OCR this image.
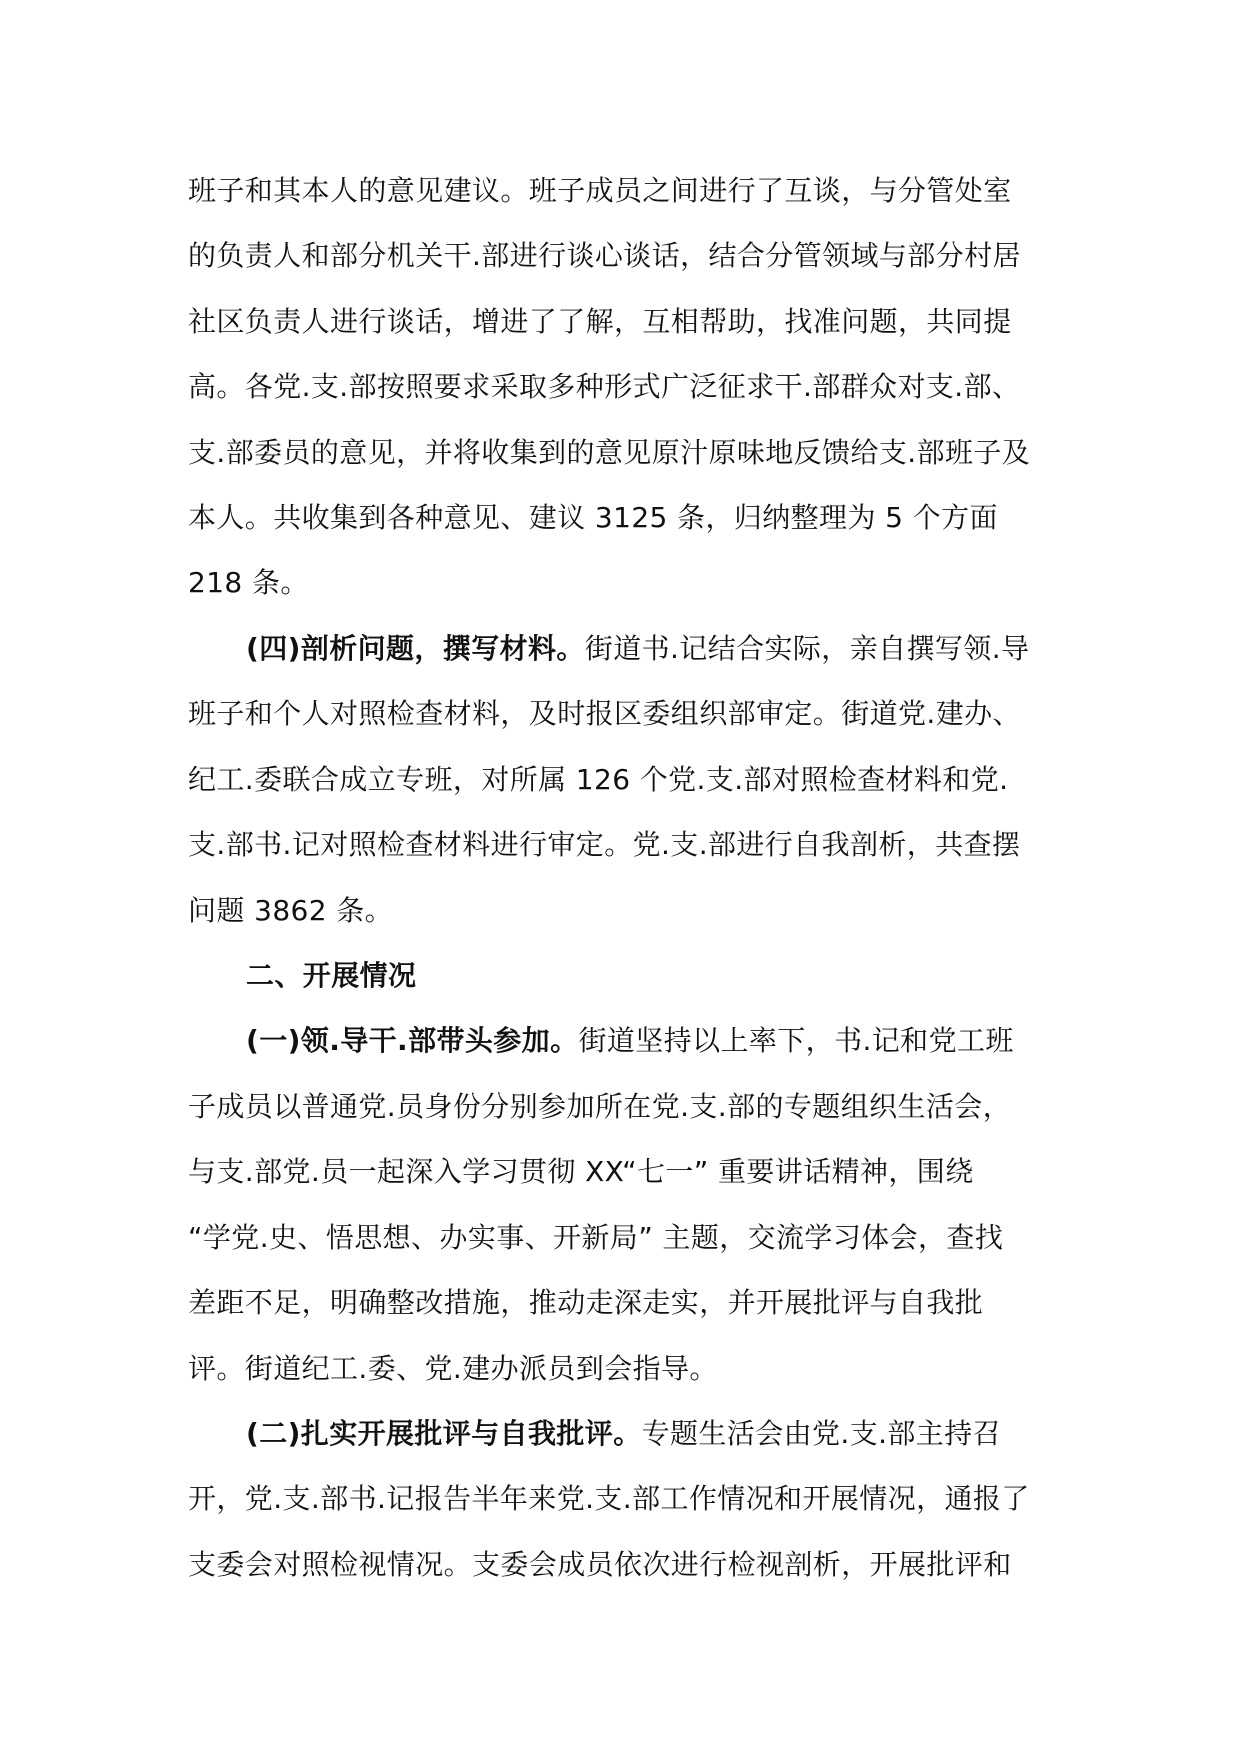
班子和其本人的意见建议。班子成员之间进行了互谈，与分管处室
的负责人和部分机关干.部进行谈心谈话，结合分管领域与部分村居
社区负责人进行谈话，增进了了解，互相帮助，找准问题，共同提
高。各党.支.部按照要求采取多种形式广泛征求干.部群众对支.部、
支.部委员的意见，并将收集到的意见原汁原味地反馈给支.部班子及
本人。共收集到各种意见、建议 3125 条，归纳整理为 5 个方面
218 条。
(四)剖析问题，撰写材料。街道书.记结合实际，亲自撰写领.导
班子和个人对照检查材料，及时报区委组织部审定。街道党.建办、
纪工.委联合成立专班，对所属 126 个党.支.部对照检查材料和党.
支.部书.记对照检查材料进行审定。党.支.部进行自我剖析，共查摆
问题 3862 条。
二、开展情况
(一)领.导干.部带头参加。街道坚持以上率下，书.记和党工班
子成员以普通党.员身份分别参加所在党.支.部的专题组织生活会，
与支.部党.员一起深入学习贯彻 XX“七一” 重要讲话精神，围绕
“学党.史、悟思想、办实事、开新局” 主题，交流学习体会，查找
差距不足，明确整改措施，推动走深走实，并开展批评与自我批
评。街道纪工.委、党.建办派员到会指导。
(二)扎实开展批评与自我批评。专题生活会由党.支.部主持召
开，党.支.部书.记报告半年来党.支.部工作情况和开展情况，通报了
支委会对照检视情况。支委会成员依次进行检视剖析，开展批评和
